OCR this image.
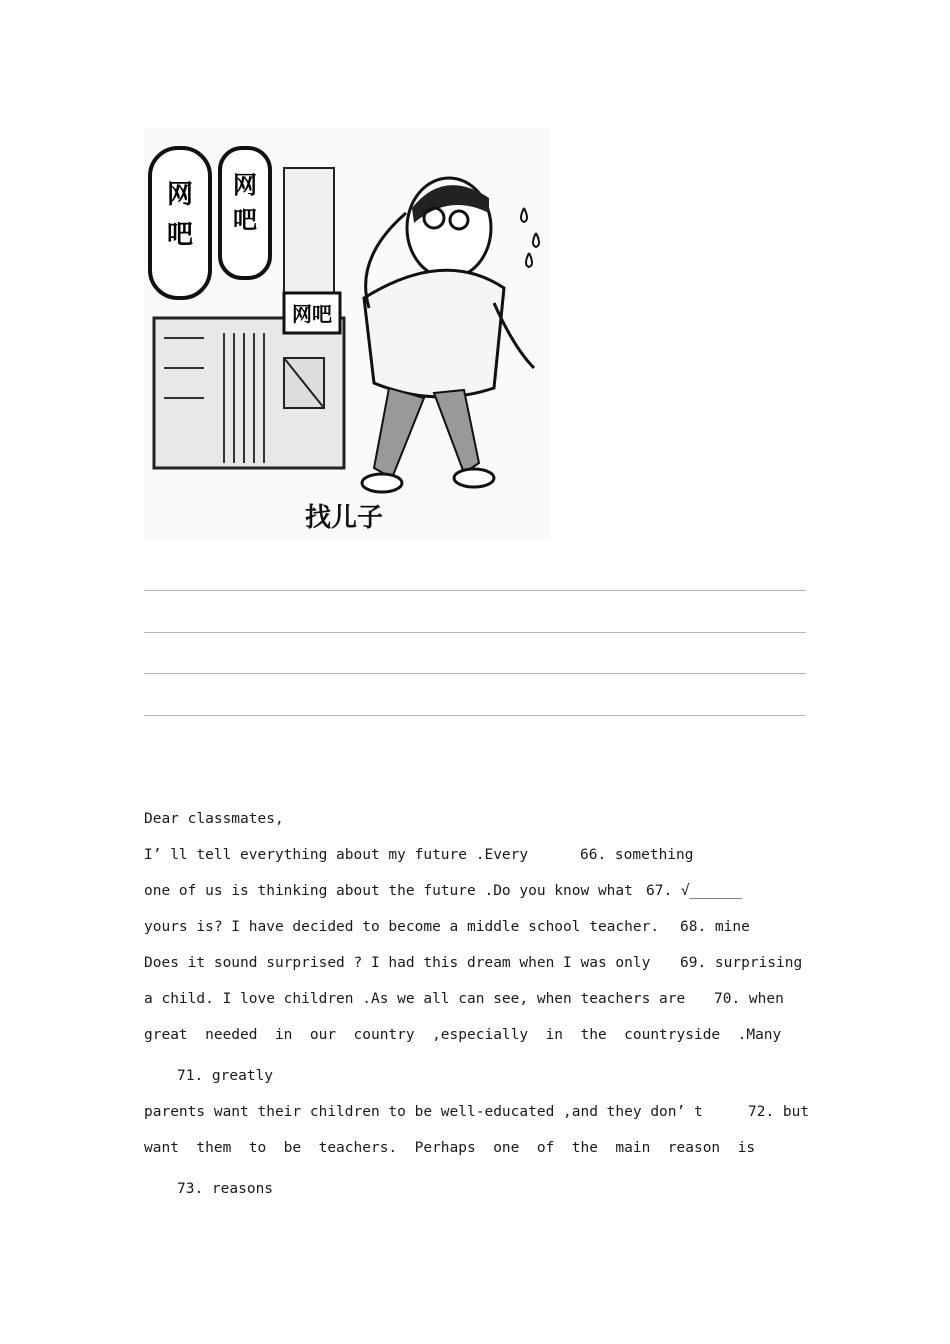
网
吧
网
吧
网吧
找儿子
Dear classmates,
I’ ll tell everything about my future .Every	66. something
one of us is thinking about the future .Do you know what 67. √______
yours is? I have decided to become a middle school teacher. 68. mine
Does it sound surprised ? I had this dream when I was only 69. surprising
a child. I love children .As we all can see, when teachers are 70. when
great  needed  in  our  country  ,especially  in  the  countryside  .Many
71. greatly
parents want their children to be well-educated ,and they don’ t	72. but
want  them  to  be  teachers.  Perhaps  one  of  the  main  reason  is
73. reasons
